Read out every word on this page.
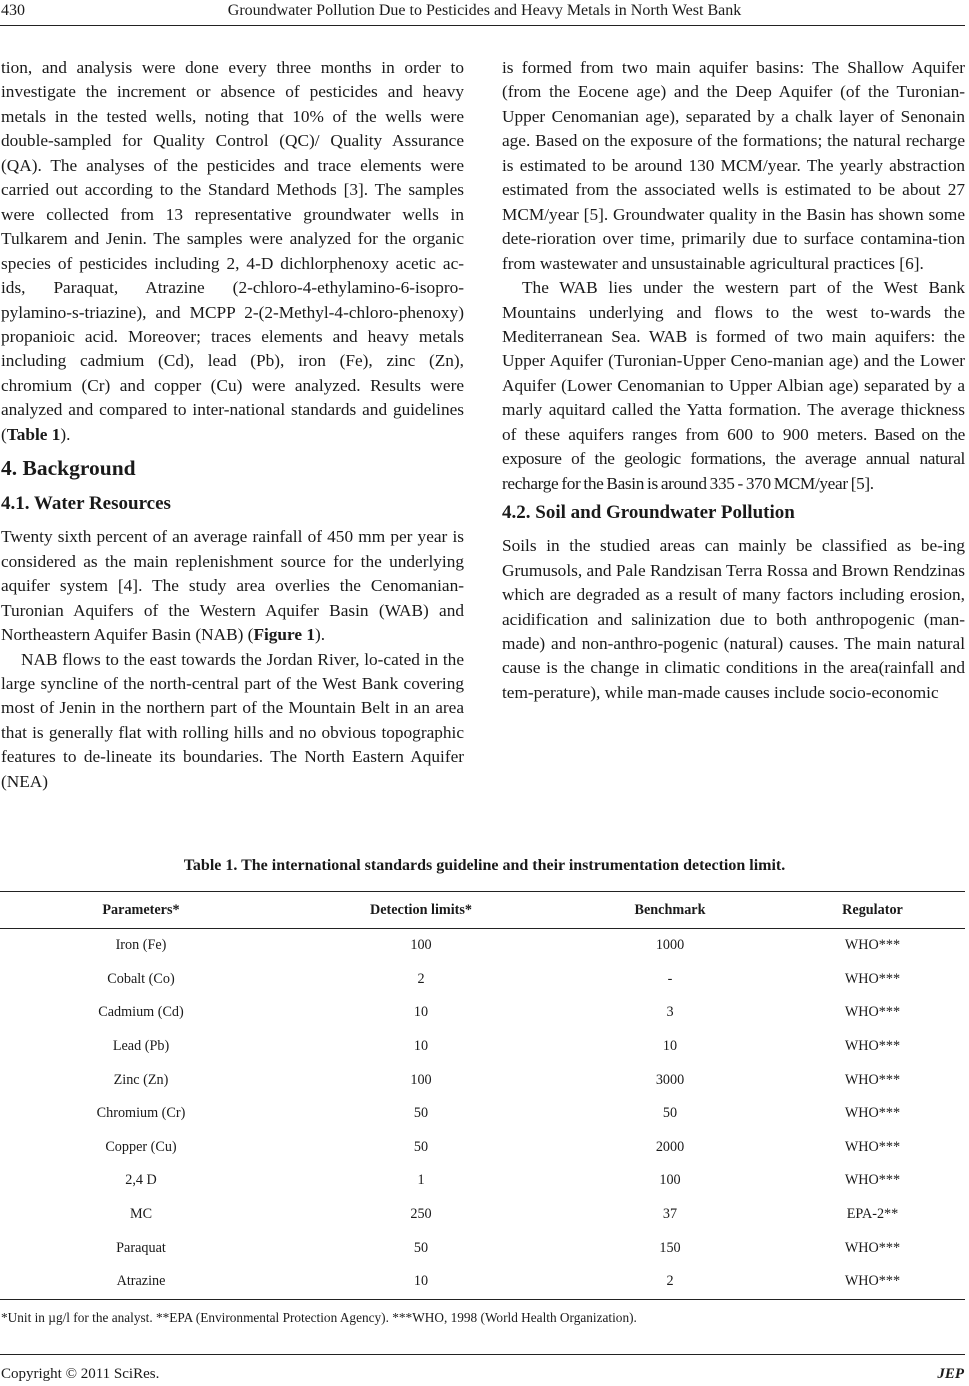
430	Groundwater Pollution Due to Pesticides and Heavy Metals in North West Bank

tion, and analysis were done every three months in order to investigate the increment or absence of pesticides and heavy metals in the tested wells, noting that 10% of the wells were double-sampled for Quality Control (QC)/ Quality Assurance (QA). The analyses of the pesticides and trace elements were carried out according to the Standard Methods [3]. The samples were collected from 13 representative groundwater wells in Tulkarem and Jenin. The samples were analyzed for the organic species of pesticides including 2, 4-D dichlorphenoxy acetic ac-ids, Paraquat, Atrazine (2-chloro-4-ethylamino-6-isopro-pylamino-s-triazine), and MCPP 2-(2-Methyl-4-chloro-phenoxy) propanioic acid. Moreover; traces elements and heavy metals including cadmium (Cd), lead (Pb), iron (Fe), zinc (Zn), chromium (Cr) and copper (Cu) were analyzed. Results were analyzed and compared to inter-national standards and guidelines (Table 1).

4. Background
4.1. Water Resources

Twenty sixth percent of an average rainfall of 450 mm per year is considered as the main replenishment source for the underlying aquifer system [4]. The study area overlies the Cenomanian-Turonian Aquifers of the Western Aquifer Basin (WAB) and Northeastern Aquifer Basin (NAB) (Figure 1).

NAB flows to the east towards the Jordan River, lo-cated in the large syncline of the north-central part of the West Bank covering most of Jenin in the northern part of the Mountain Belt in an area that is generally flat with rolling hills and no obvious topographic features to de-lineate its boundaries. The North Eastern Aquifer (NEA)

is formed from two main aquifer basins: The Shallow Aquifer (from the Eocene age) and the Deep Aquifer (of the Turonian-Upper Cenomanian age), separated by a chalk layer of Senonain age. Based on the exposure of the formations; the natural recharge is estimated to be around 130 MCM/year. The yearly abstraction estimated from the associated wells is estimated to be about 27 MCM/year [5]. Groundwater quality in the Basin has shown some dete-rioration over time, primarily due to surface contamina-tion from wastewater and unsustainable agricultural practices [6].

The WAB lies under the western part of the West Bank Mountains underlying and flows to the west to-wards the Mediterranean Sea. WAB is formed of two main aquifers: the Upper Aquifer (Turonian-Upper Ceno-manian age) and the Lower Aquifer (Lower Cenomanian to Upper Albian age) separated by a marly aquitard called the Yatta formation. The average thickness of these aquifers ranges from 600 to 900 meters. Based on the exposure of the geologic formations, the average annual natural recharge for the Basin is around 335 - 370 MCM/year [5].

4.2. Soil and Groundwater Pollution

Soils in the studied areas can mainly be classified as be-ing Grumusols, and Pale Randzisan Terra Rossa and Brown Rendzinas which are degraded as a result of many factors including erosion, acidification and salinization due to both anthropogenic (man-made) and non-anthro-pogenic (natural) causes. The main natural cause is the change in climatic conditions in the area(rainfall and tem-perature), while man-made causes include socio-economic

Table 1. The international standards guideline and their instrumentation detection limit.
Parameters*	Detection limits*	Benchmark	Regulator
Iron (Fe)	100	1000	WHO***
Cobalt (Co)	2	-	WHO***
Cadmium (Cd)	10	3	WHO***
Lead (Pb)	10	10	WHO***
Zinc (Zn)	100	3000	WHO***
Chromium (Cr)	50	50	WHO***
Copper (Cu)	50	2000	WHO***
2,4 D	1	100	WHO***
MC	250	37	EPA-2**
Paraquat	50	150	WHO***
Atrazine	10	2	WHO***
*Unit in µg/l for the analyst. **EPA (Environmental Protection Agency). ***WHO, 1998 (World Health Organization).
Copyright © 2011 SciRes.	JEP
